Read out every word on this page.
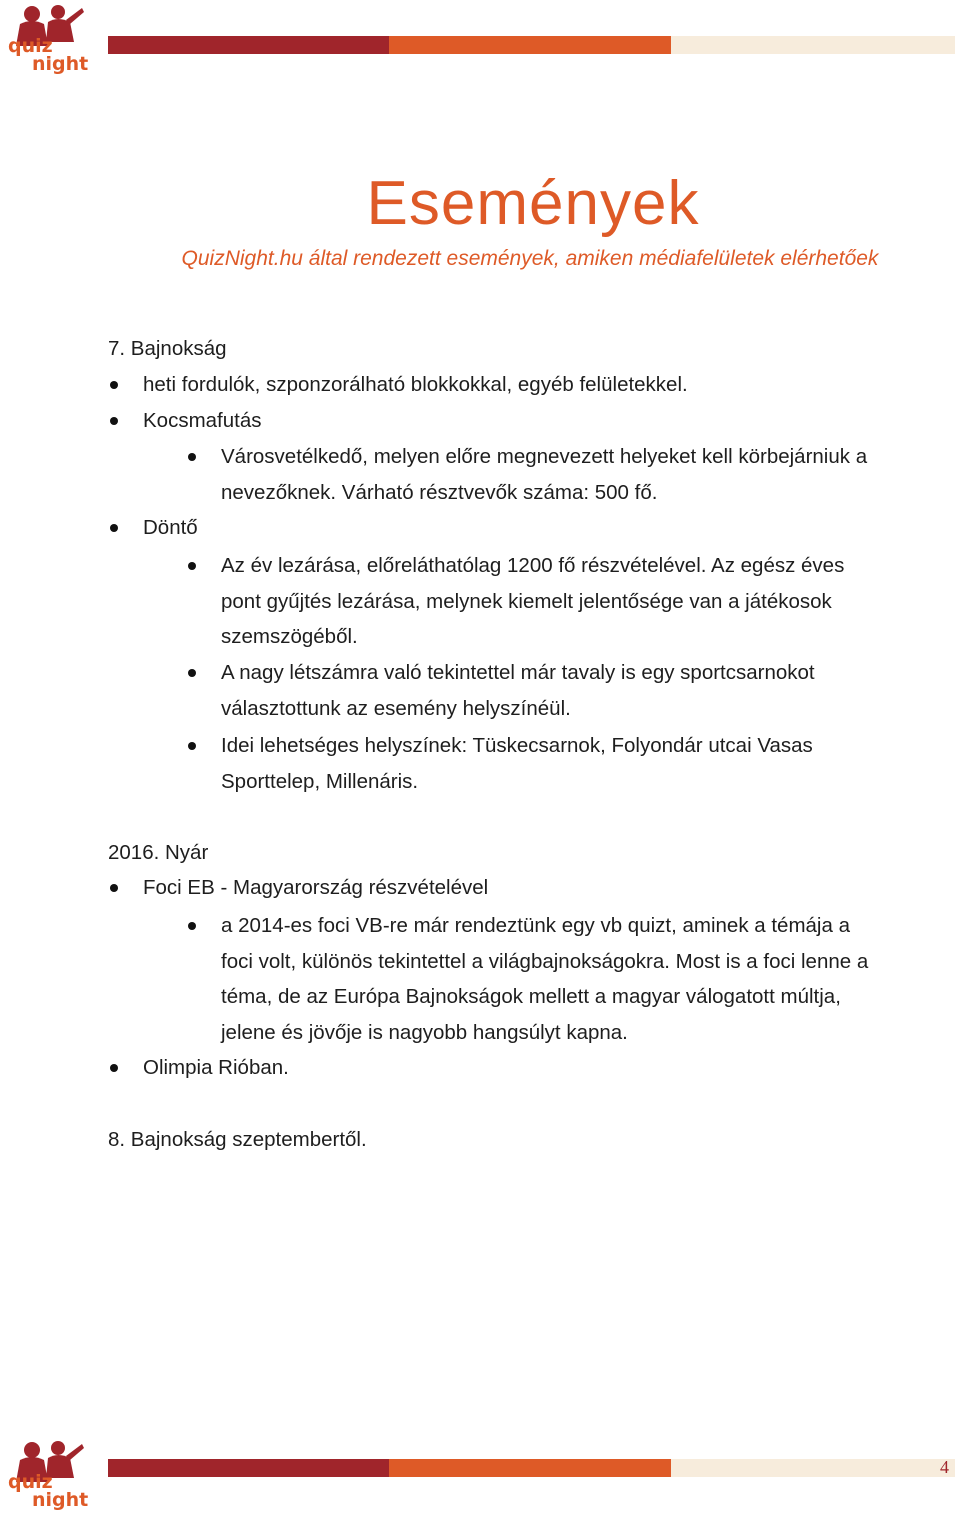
quiz
night
Események

QuizNight.hu által rendezett események, amiken médiafelületek elérhetőek

7. Bajnokság
heti fordulók, szponzorálható blokkokkal, egyéb felületekkel.
Kocsmafutás
Városvetélkedő, melyen előre megnevezett helyeket kell körbejárniuk a
nevezőknek. Várható résztvevők száma: 500 fő.
Döntő
Az év lezárása, előreláthatólag 1200 fő részvételével. Az egész éves
pont gyűjtés lezárása, melynek kiemelt jelentősége van a játékosok
szemszögéből.
A nagy létszámra való tekintettel már tavaly is egy sportcsarnokot
választottunk az esemény helyszínéül.
Idei lehetséges helyszínek: Tüskecsarnok, Folyondár utcai Vasas
Sporttelep, Millenáris.
2016. Nyár
Foci EB - Magyarország részvételével
a 2014-es foci VB-re már rendeztünk egy vb quizt, aminek a témája a
foci volt, különös tekintettel a világbajnokságokra. Most is a foci lenne a
téma, de az Európa Bajnokságok mellett a magyar válogatott múltja,
jelene és jövője is nagyobb hangsúlyt kapna.
Olimpia Rióban.
8. Bajnokság szeptembertől.
quiz
night
4
